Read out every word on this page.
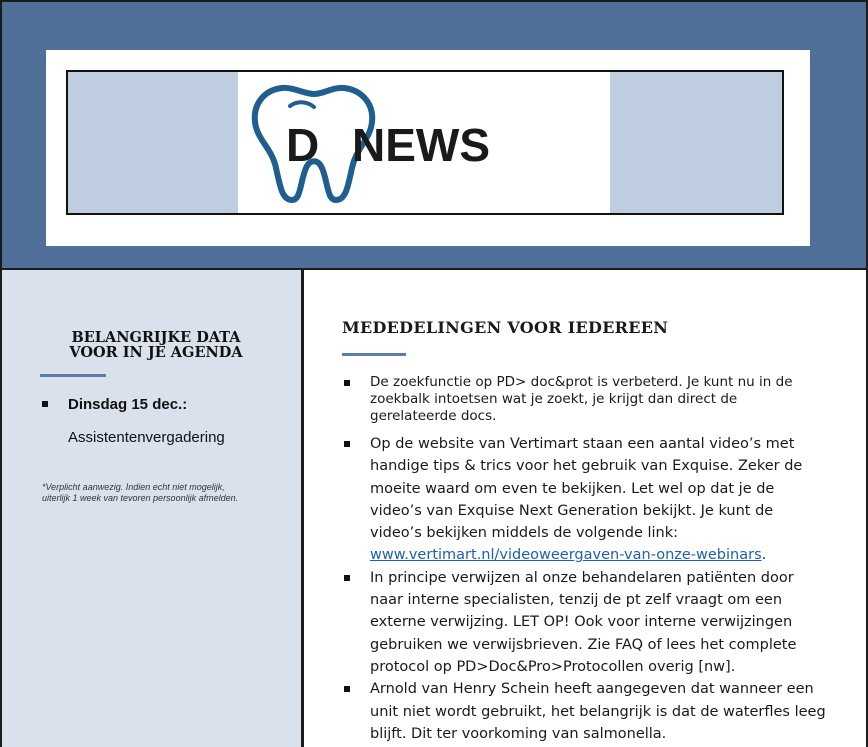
D NEWS
BELANGRIJKE DATA
VOOR IN JE AGENDA
Dinsdag 15 dec.:
Assistentenvergadering
*Verplicht aanwezig. Indien echt niet mogelijk, uiterlijk 1 week van tevoren persoonlijk afmelden.
MEDEDELINGEN VOOR IEDEREEN
De zoekfunctie op PD> doc&prot is verbeterd. Je kunt nu in de zoekbalk intoetsen wat je zoekt, je krijgt dan direct de gerelateerde docs.
Op de website van Vertimart staan een aantal video’s met handige tips & trics voor het gebruik van Exquise. Zeker de moeite waard om even te bekijken. Let wel op dat je de video’s van Exquise Next Generation bekijkt. Je kunt de video’s bekijken middels de volgende link: www.vertimart.nl/videoweergaven-van-onze-webinars.
In principe verwijzen al onze behandelaren patiënten door naar interne specialisten, tenzij de pt zelf vraagt om een externe verwijzing. LET OP! Ook voor interne verwijzingen gebruiken we verwijsbrieven. Zie FAQ of lees het complete protocol op PD>Doc&Pro>Protocollen overig [nw].
Arnold van Henry Schein heeft aangegeven dat wanneer een unit niet wordt gebruikt, het belangrijk is dat de waterfles leeg blijft. Dit ter voorkoming van salmonella.
